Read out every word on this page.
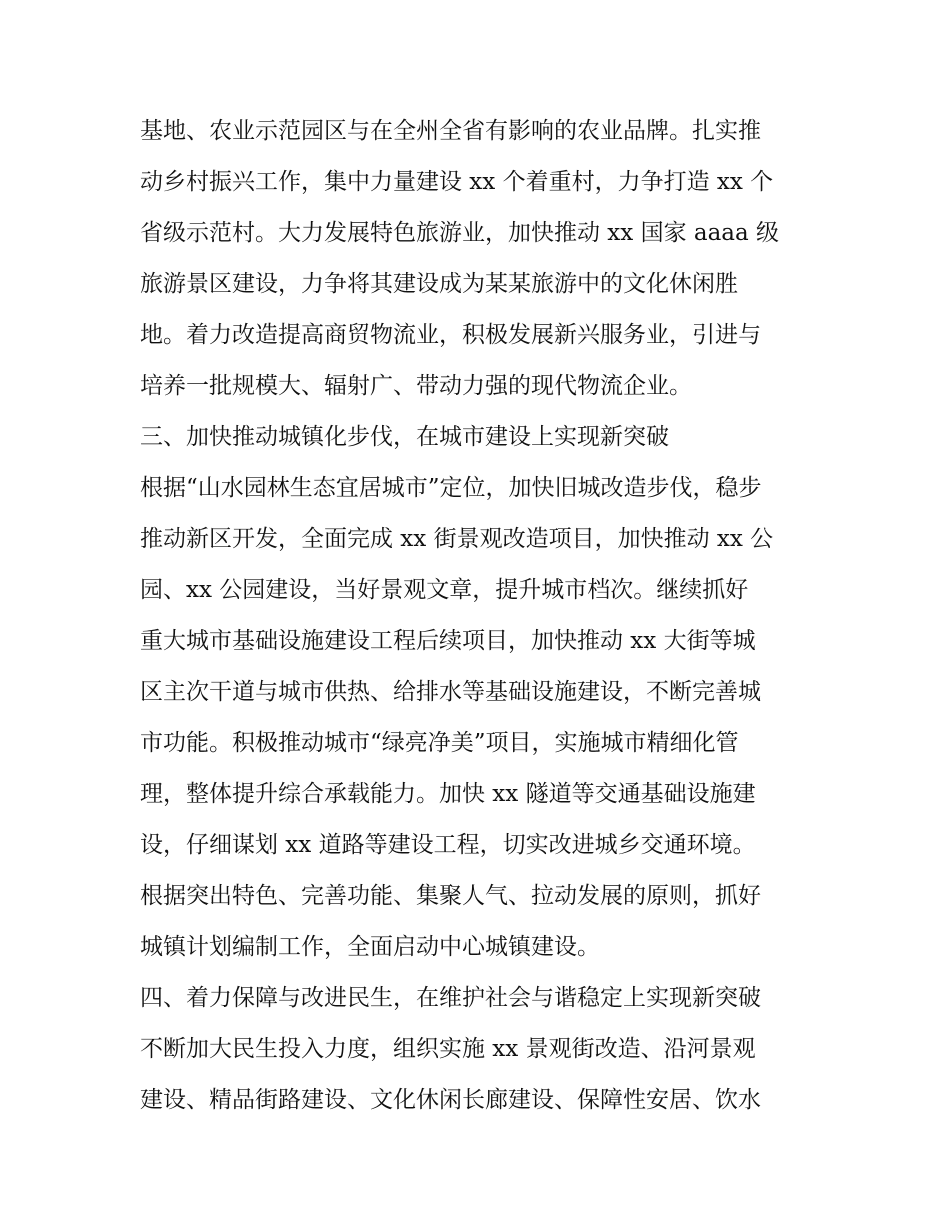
基地、农业示范园区与在全州全省有影响的农业品牌。扎实推
动乡村振兴工作，集中力量建设 xx 个着重村，力争打造 xx 个
省级示范村。大力发展特色旅游业，加快推动 xx 国家 aaaa 级
旅游景区建设，力争将其建设成为某某旅游中的文化休闲胜
地。着力改造提高商贸物流业，积极发展新兴服务业，引进与
培养一批规模大、辐射广、带动力强的现代物流企业。
三、加快推动城镇化步伐，在城市建设上实现新突破
根据“山水园林生态宜居城市”定位，加快旧城改造步伐，稳步
推动新区开发，全面完成 xx 街景观改造项目，加快推动 xx 公
园、xx 公园建设，当好景观文章，提升城市档次。继续抓好
重大城市基础设施建设工程后续项目，加快推动 xx 大街等城
区主次干道与城市供热、给排水等基础设施建设，不断完善城
市功能。积极推动城市“绿亮净美”项目，实施城市精细化管
理，整体提升综合承载能力。加快 xx 隧道等交通基础设施建
设，仔细谋划 xx 道路等建设工程，切实改进城乡交通环境。
根据突出特色、完善功能、集聚人气、拉动发展的原则，抓好
城镇计划编制工作，全面启动中心城镇建设。
四、着力保障与改进民生，在维护社会与谐稳定上实现新突破
不断加大民生投入力度，组织实施 xx 景观街改造、沿河景观
建设、精品街路建设、文化休闲长廊建设、保障性安居、饮水
